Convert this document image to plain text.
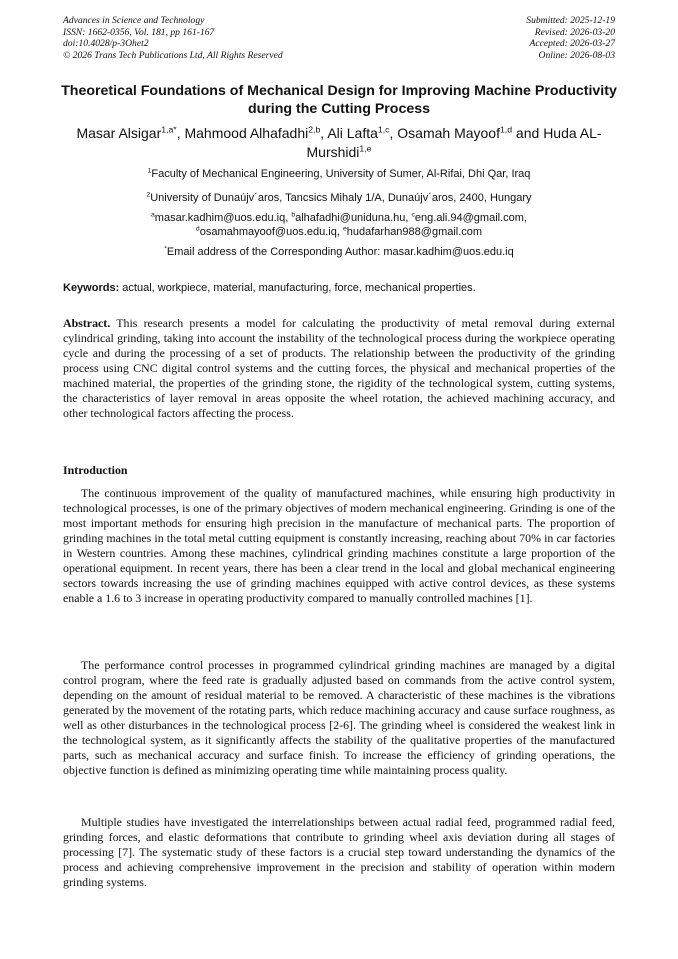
Advances in Science and Technology
ISSN: 1662-0356, Vol. 181, pp 161-167
doi:10.4028/p-3Ohet2
© 2026 Trans Tech Publications Ltd, All Rights Reserved
Submitted: 2025-12-19
Revised: 2026-03-20
Accepted: 2026-03-27
Online: 2026-08-03
Theoretical Foundations of Mechanical Design for Improving Machine Productivity during the Cutting Process
Masar Alsigar$^{1,a*}$, Mahmood Alhafadhi$^{2,b}$, Ali Lafta$^{1,c}$, Osamah Mayoof$^{1,d}$ and Huda AL-Murshidi$^{1,e}$
$^1$Faculty of Mechanical Engineering, University of Sumer, Al-Rifai, Dhi Qar, Iraq
$^2$University of Dunaújv´aros, Tancsics Mihaly 1/A, Dunaújv´aros, 2400, Hungary
$^a$masar.kadhim@uos.edu.iq, $^b$alhafadhi@uniduna.hu, $^c$eng.ali.94@gmail.com,
$^d$osamahmayoof@uos.edu.iq, $^e$hudafarhan988@gmail.com
*Email address of the Corresponding Author: masar.kadhim@uos.edu.iq
Keywords: actual, workpiece, material, manufacturing, force, mechanical properties.
Abstract. This research presents a model for calculating the productivity of metal removal during external cylindrical grinding, taking into account the instability of the technological process during the workpiece operating cycle and during the processing of a set of products. The relationship between the productivity of the grinding process using CNC digital control systems and the cutting forces, the physical and mechanical properties of the machined material, the properties of the grinding stone, the rigidity of the technological system, cutting systems, the characteristics of layer removal in areas opposite the wheel rotation, the achieved machining accuracy, and other technological factors affecting the process.
Introduction
The continuous improvement of the quality of manufactured machines, while ensuring high productivity in technological processes, is one of the primary objectives of modern mechanical engineering. Grinding is one of the most important methods for ensuring high precision in the manufacture of mechanical parts. The proportion of grinding machines in the total metal cutting equipment is constantly increasing, reaching about 70% in car factories in Western countries. Among these machines, cylindrical grinding machines constitute a large proportion of the operational equipment. In recent years, there has been a clear trend in the local and global mechanical engineering sectors towards increasing the use of grinding machines equipped with active control devices, as these systems enable a 1.6 to 3 increase in operating productivity compared to manually controlled machines [1].
The performance control processes in programmed cylindrical grinding machines are managed by a digital control program, where the feed rate is gradually adjusted based on commands from the active control system, depending on the amount of residual material to be removed. A characteristic of these machines is the vibrations generated by the movement of the rotating parts, which reduce machining accuracy and cause surface roughness, as well as other disturbances in the technological process [2-6]. The grinding wheel is considered the weakest link in the technological system, as it significantly affects the stability of the qualitative properties of the manufactured parts, such as mechanical accuracy and surface finish. To increase the efficiency of grinding operations, the objective function is defined as minimizing operating time while maintaining process quality.
Multiple studies have investigated the interrelationships between actual radial feed, programmed radial feed, grinding forces, and elastic deformations that contribute to grinding wheel axis deviation during all stages of processing [7]. The systematic study of these factors is a crucial step toward understanding the dynamics of the process and achieving comprehensive improvement in the precision and stability of operation within modern grinding systems.
